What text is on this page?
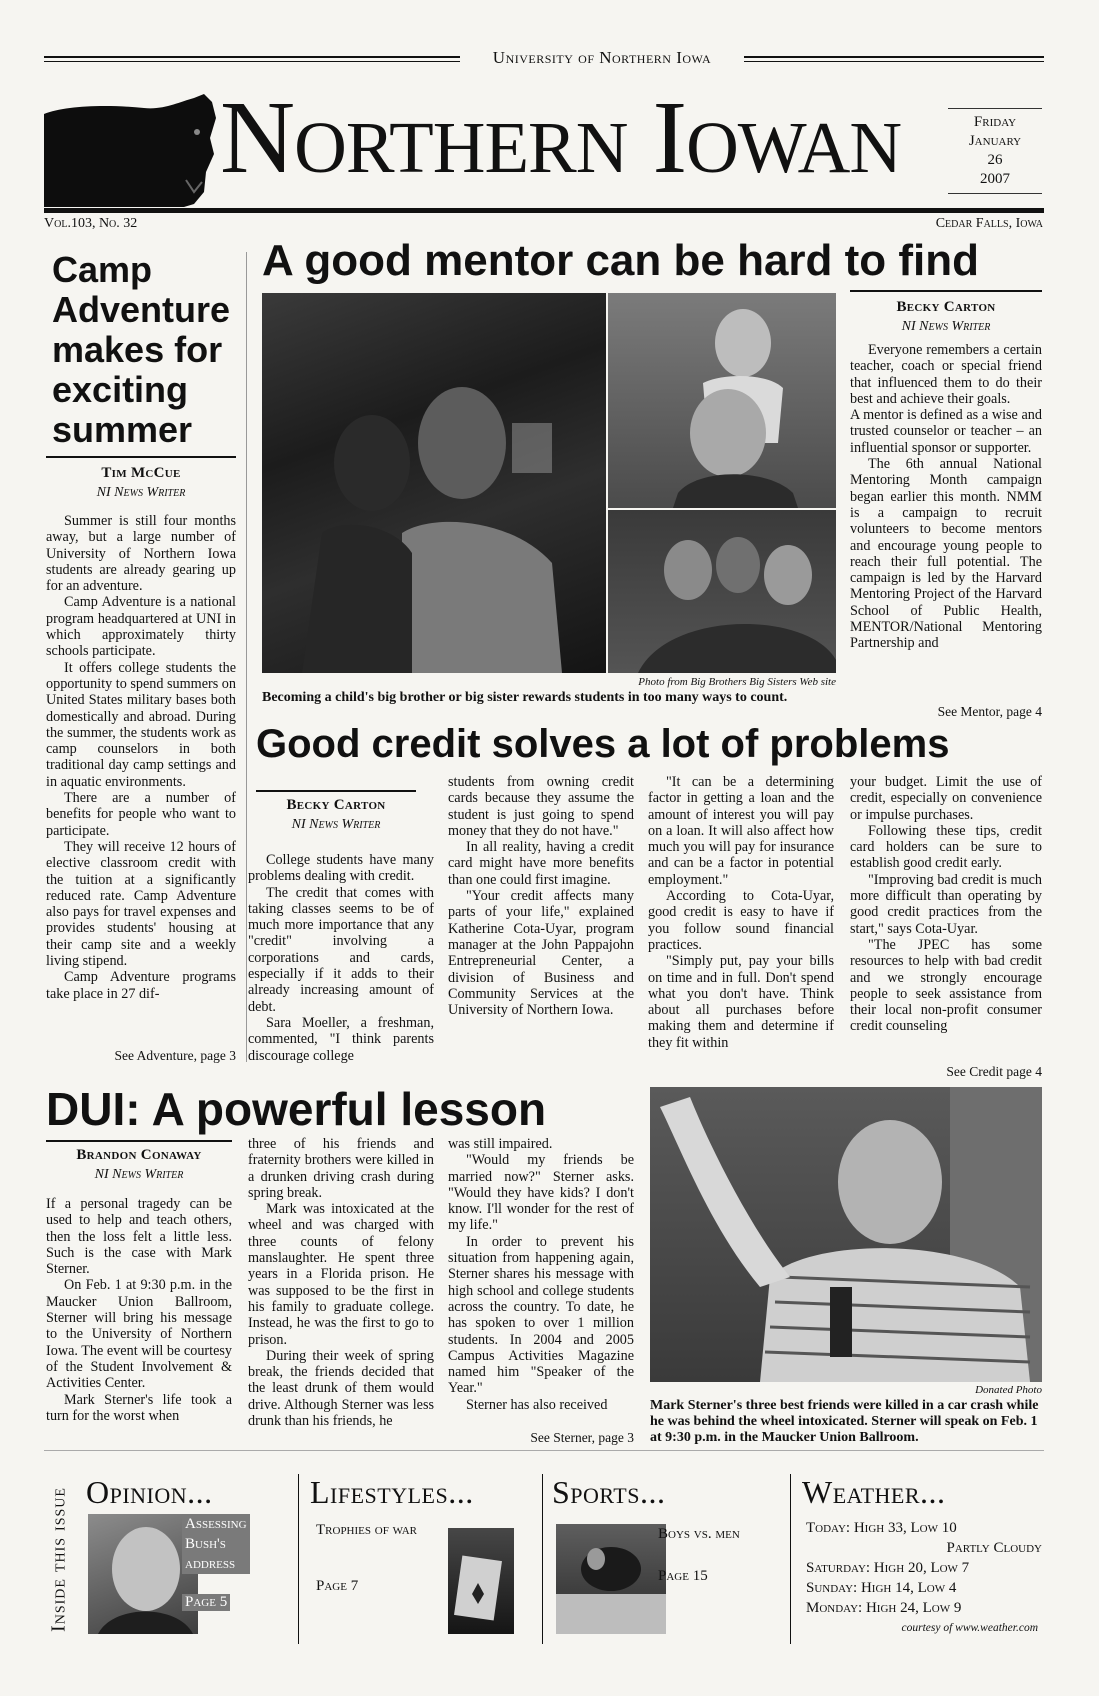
University of Northern Iowa
Northern Iowan	Friday
January
26
2007
Vol.103, No. 32	Cedar Falls, Iowa
Camp Adventure makes for exciting summer
Tim McCue
NI News Writer

Summer is still four months away, but a large number of University of Northern Iowa students are already gearing up for an adventure.

Camp Adventure is a national program headquartered at UNI in which approximately thirty schools participate.

It offers college students the opportunity to spend summers on United States military bases both domestically and abroad. During the summer, the students work as camp counselors in both traditional day camp settings and in aquatic environments.

There are a number of benefits for people who want to participate.

They will receive 12 hours of elective classroom credit with the tuition at a significantly reduced rate. Camp Adventure also pays for travel expenses and provides students' housing at their camp site and a weekly living stipend.

Camp Adventure programs take place in 27 dif-

See Adventure, page 3
A good mentor can be hard to find
Photo from Big Brothers Big Sisters Web site
Becoming a child's big brother or big sister rewards students in too many ways to count.
Becky Carton
NI News Writer

Everyone remembers a certain teacher, coach or special friend that influenced them to do their best and achieve their goals.

A mentor is defined as a wise and trusted counselor or teacher – an influential sponsor or supporter.

The 6th annual National Mentoring Month campaign began earlier this month. NMM is a campaign to recruit volunteers to become mentors and encourage young people to reach their full potential. The campaign is led by the Harvard Mentoring Project of the Harvard School of Public Health, MENTOR/National Mentoring Partnership and

See Mentor, page 4
Good credit solves a lot of problems
Becky Carton
NI News Writer

College students have many problems dealing with credit.

The credit that comes with taking classes seems to be of much more importance that any "credit" involving a corporations and cards, especially if it adds to their already increasing amount of debt.

Sara Moeller, a freshman, commented, "I think parents discourage college

students from owning credit cards because they assume the student is just going to spend money that they do not have."

In all reality, having a credit card might have more benefits than one could first imagine.

"Your credit affects many parts of your life," explained Katherine Cota-Uyar, program manager at the John Pappajohn Entrepreneurial Center, a division of Business and Community Services at the University of Northern Iowa.

"It can be a determining factor in getting a loan and the amount of interest you will pay on a loan. It will also affect how much you will pay for insurance and can be a factor in potential employment."

According to Cota-Uyar, good credit is easy to have if you follow sound financial practices.

"Simply put, pay your bills on time and in full. Don't spend what you don't have. Think about all purchases before making them and determine if they fit within

your budget. Limit the use of credit, especially on convenience or impulse purchases.

Following these tips, credit card holders can be sure to establish good credit early.

"Improving bad credit is much more difficult than operating by good credit practices from the start," says Cota-Uyar.

"The JPEC has some resources to help with bad credit and we strongly encourage people to seek assistance from their local non-profit consumer credit counseling

See Credit page 4
DUI: A powerful lesson
Brandon Conaway
NI News Writer

If a personal tragedy can be used to help and teach others, then the loss felt a little less. Such is the case with Mark Sterner.

On Feb. 1 at 9:30 p.m. in the Maucker Union Ballroom, Sterner will bring his message to the University of Northern Iowa. The event will be courtesy of the Student Involvement & Activities Center.

Mark Sterner's life took a turn for the worst when

three of his friends and fraternity brothers were killed in a drunken driving crash during spring break.

Mark was intoxicated at the wheel and was charged with three counts of felony manslaughter. He spent three years in a Florida prison. He was supposed to be the first in his family to graduate college. Instead, he was the first to go to prison.

During their week of spring break, the friends decided that the least drunk of them would drive. Although Sterner was less drunk than his friends, he

was still impaired.

"Would my friends be married now?" Sterner asks. "Would they have kids? I don't know. I'll wonder for the rest of my life."

In order to prevent his situation from happening again, Sterner shares his message with high school and college students across the country. To date, he has spoken to over 1 million students. In 2004 and 2005 Campus Activities Magazine named him "Speaker of the Year."

Sterner has also received

See Sterner, page 3
Donated Photo
Mark Sterner's three best friends were killed in a car crash while he was behind the wheel intoxicated. Sterner will speak on Feb. 1 at 9:30 p.m. in the Maucker Union Ballroom.
Inside this issue Opinion...
Assessing
Bush's
address
Page 5
Lifestyles...
Trophies of war
Page 7
Sports...
Boys vs. men
Page 15
Weather...
Today: High 33, Low 10
Partly Cloudy
Saturday: High 20, Low 7
Sunday: High 14, Low 4
Monday: High 24, Low 9
courtesy of www.weather.com
